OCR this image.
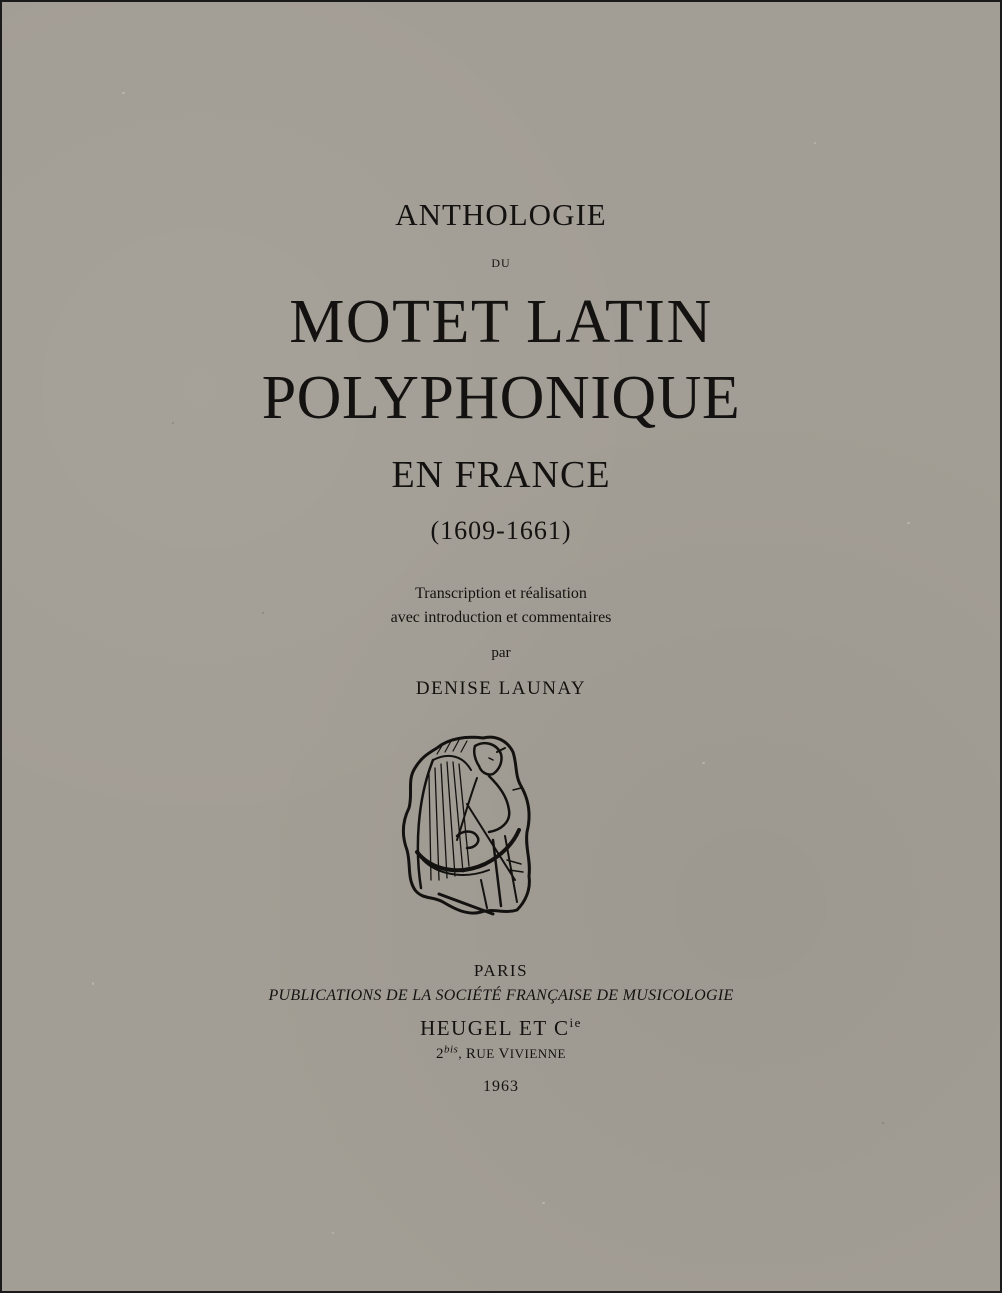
ANTHOLOGIE

DU

MOTET LATIN

POLYPHONIQUE

EN FRANCE

(1609-1661)

Transcription et réalisation

avec introduction et commentaires

par

DENISE LAUNAY

PARIS

PUBLICATIONS DE LA SOCIÉTÉ FRANÇAISE DE MUSICOLOGIE

HEUGEL ET $C^{ie}$

$2^{bis}$, RUE VIVIENNE

1963
